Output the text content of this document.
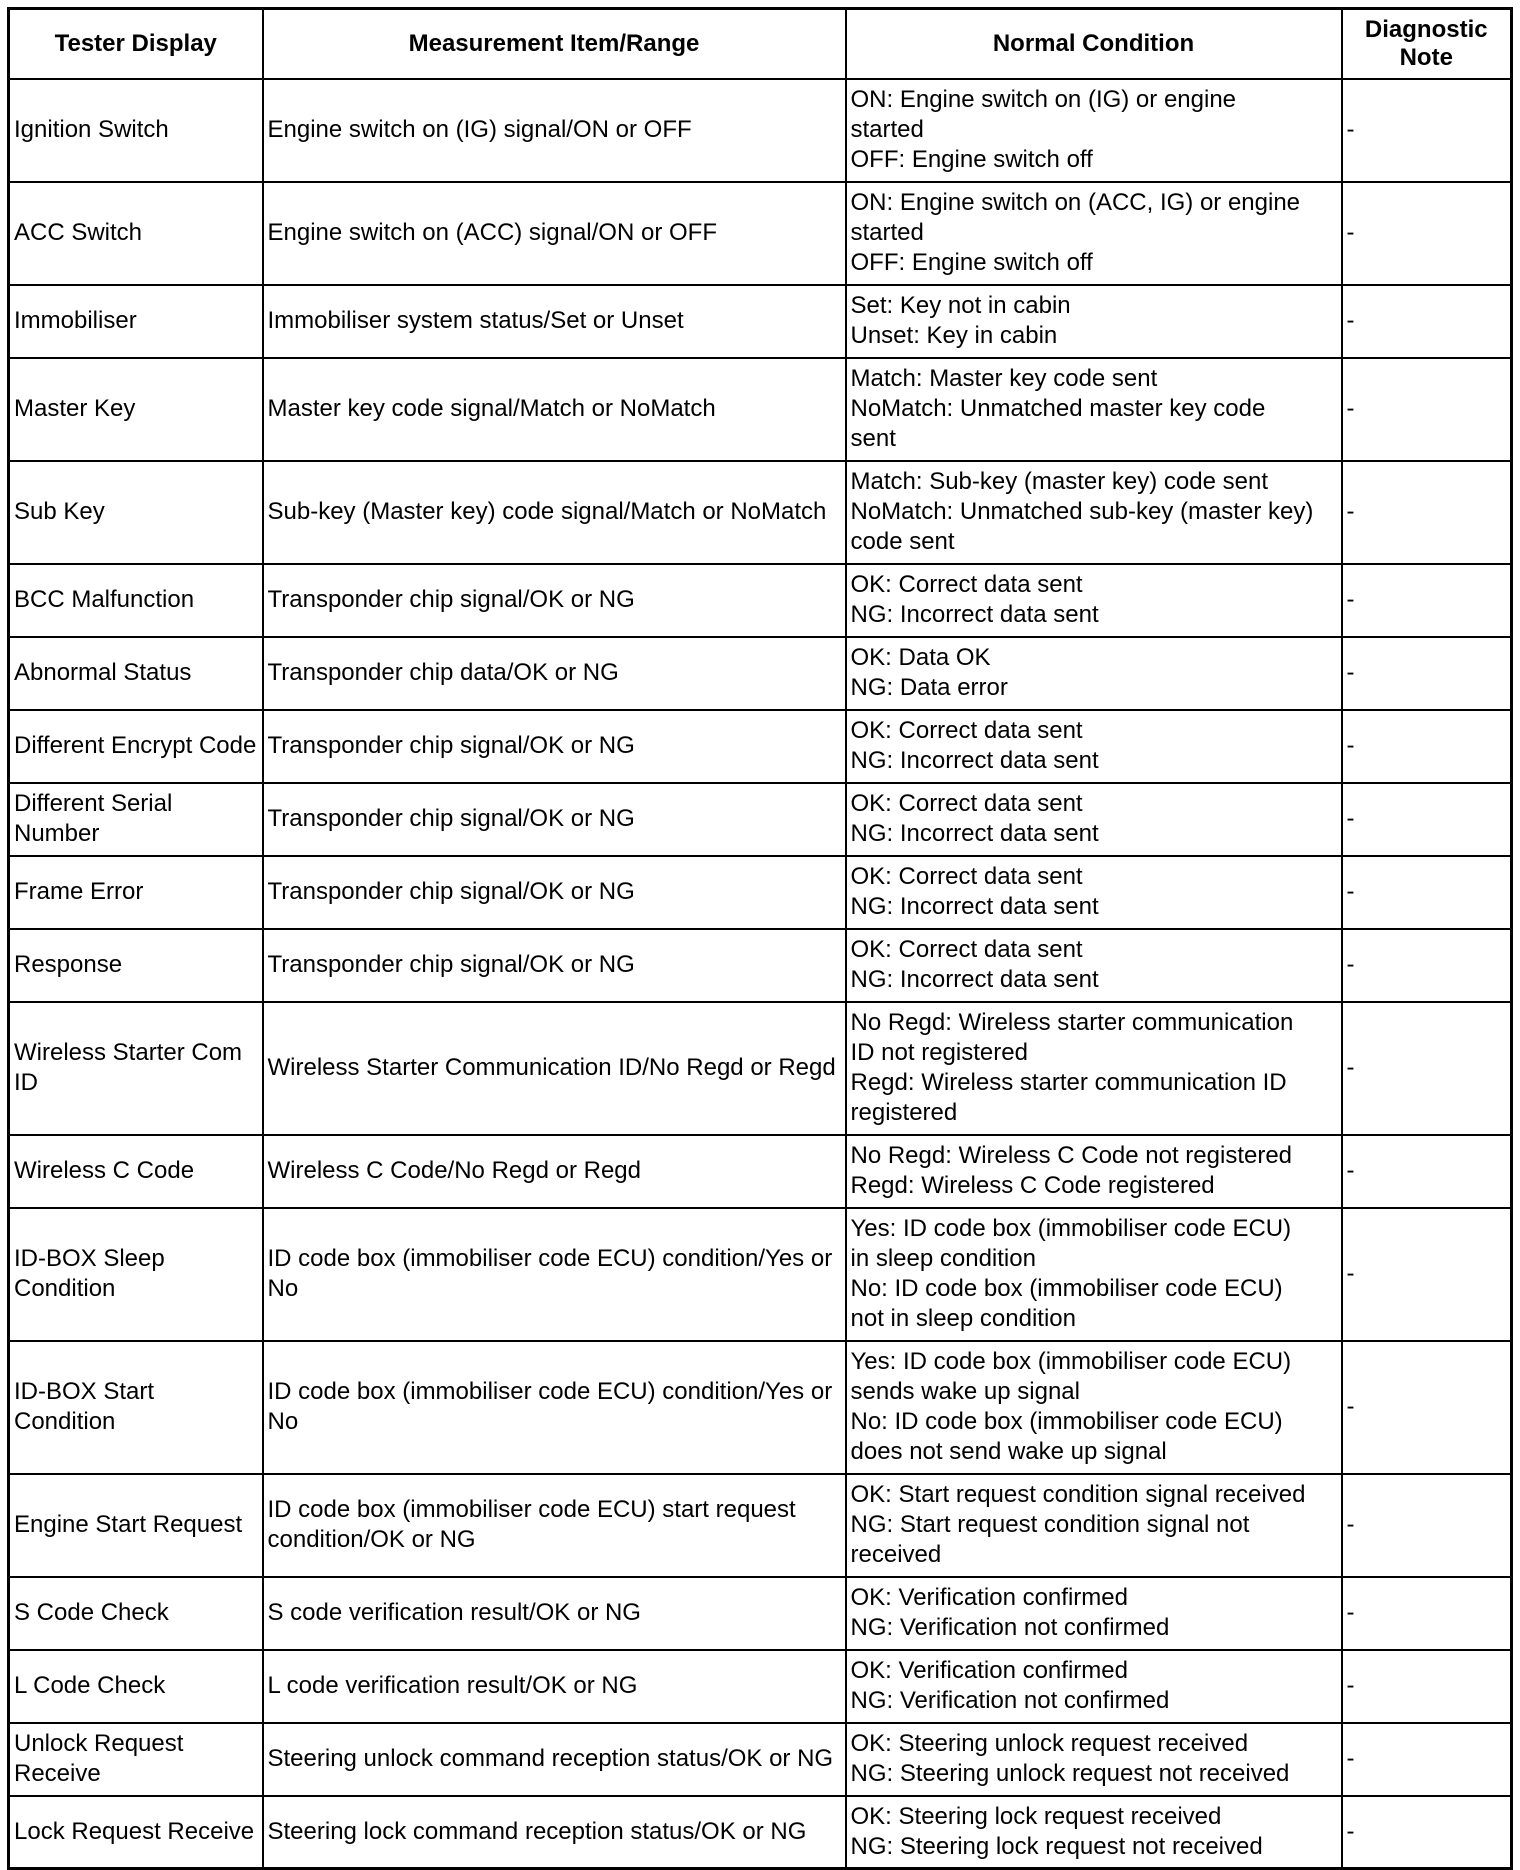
Tester Display	Measurement Item/Range	Normal Condition	Diagnostic Note
Ignition Switch	Engine switch on (IG) signal/ON or OFF	ON: Engine switch on (IG) or engine
started
OFF: Engine switch off	-
ACC Switch	Engine switch on (ACC) signal/ON or OFF	ON: Engine switch on (ACC, IG) or engine
started
OFF: Engine switch off	-
Immobiliser	Immobiliser system status/Set or Unset	Set: Key not in cabin
Unset: Key in cabin	-
Master Key	Master key code signal/Match or NoMatch	Match: Master key code sent
NoMatch: Unmatched master key code
sent	-
Sub Key	Sub-key (Master key) code signal/Match or NoMatch	Match: Sub-key (master key) code sent
NoMatch: Unmatched sub-key (master key)
code sent	-
BCC Malfunction	Transponder chip signal/OK or NG	OK: Correct data sent
NG: Incorrect data sent	-
Abnormal Status	Transponder chip data/OK or NG	OK: Data OK
NG: Data error	-
Different Encrypt Code	Transponder chip signal/OK or NG	OK: Correct data sent
NG: Incorrect data sent	-
Different Serial Number	Transponder chip signal/OK or NG	OK: Correct data sent
NG: Incorrect data sent	-
Frame Error	Transponder chip signal/OK or NG	OK: Correct data sent
NG: Incorrect data sent	-
Response	Transponder chip signal/OK or NG	OK: Correct data sent
NG: Incorrect data sent	-
Wireless Starter Com ID	Wireless Starter Communication ID/No Regd or Regd	No Regd: Wireless starter communication
ID not registered
Regd: Wireless starter communication ID
registered	-
Wireless C Code	Wireless C Code/No Regd or Regd	No Regd: Wireless C Code not registered
Regd: Wireless C Code registered	-
ID-BOX Sleep Condition	ID code box (immobiliser code ECU) condition/Yes or No	Yes: ID code box (immobiliser code ECU)
in sleep condition
No: ID code box (immobiliser code ECU)
not in sleep condition	-
ID-BOX Start Condition	ID code box (immobiliser code ECU) condition/Yes or No	Yes: ID code box (immobiliser code ECU)
sends wake up signal
No: ID code box (immobiliser code ECU)
does not send wake up signal	-
Engine Start Request	ID code box (immobiliser code ECU) start request condition/OK or NG	OK: Start request condition signal received
NG: Start request condition signal not
received	-
S Code Check	S code verification result/OK or NG	OK: Verification confirmed
NG: Verification not confirmed	-
L Code Check	L code verification result/OK or NG	OK: Verification confirmed
NG: Verification not confirmed	-
Unlock Request Receive	Steering unlock command reception status/OK or NG	OK: Steering unlock request received
NG: Steering unlock request not received	-
Lock Request Receive	Steering lock command reception status/OK or NG	OK: Steering lock request received
NG: Steering lock request not received	-
